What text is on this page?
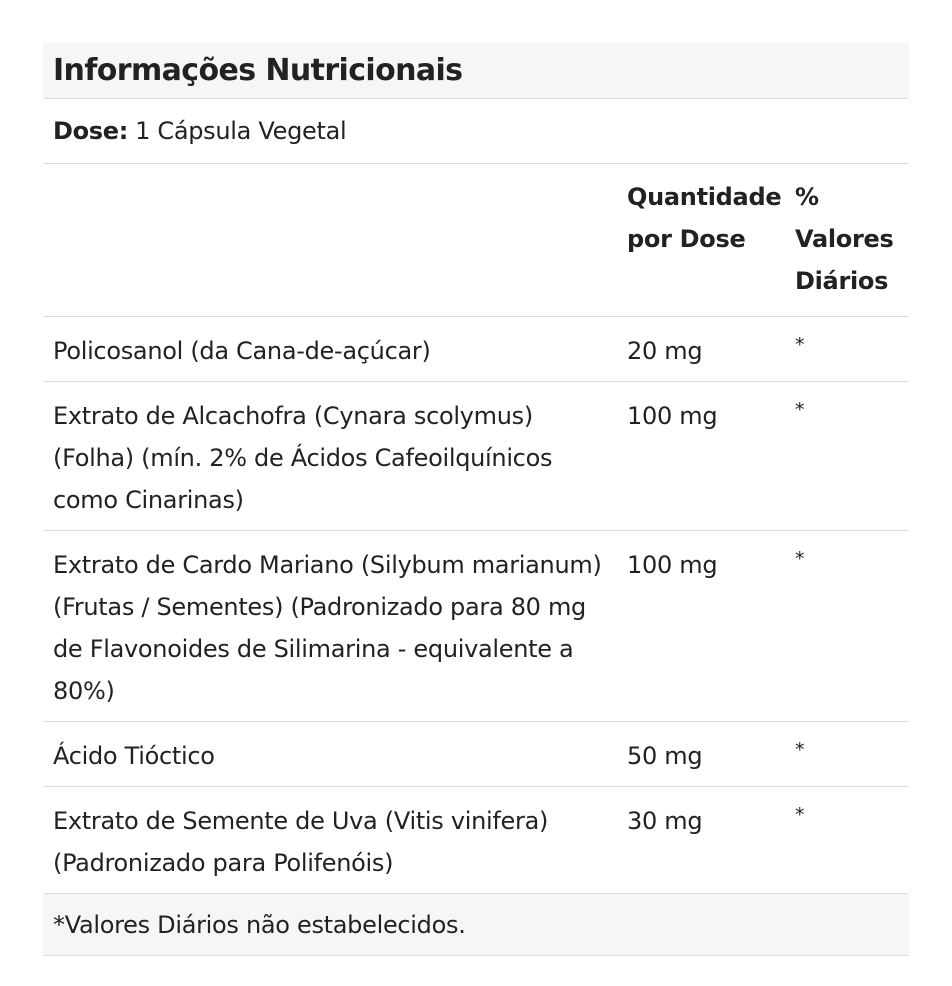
Informações Nutricionais
Dose: 1 Cápsula Vegetal
	Quantidade por Dose	% Valores Diários
Policosanol (da Cana-de-açúcar)	20 mg	*
Extrato de Alcachofra (Cynara scolymus) (Folha) (mín. 2% de Ácidos Cafeoilquínicos como Cinarinas)	100 mg	*
Extrato de Cardo Mariano (Silybum marianum) (Frutas / Sementes) (Padronizado para 80 mg de Flavonoides de Silimarina - equivalente a 80%)	100 mg	*
Ácido Tióctico	50 mg	*
Extrato de Semente de Uva (Vitis vinifera) (Padronizado para Polifenóis)	30 mg	*
*Valores Diários não estabelecidos.
